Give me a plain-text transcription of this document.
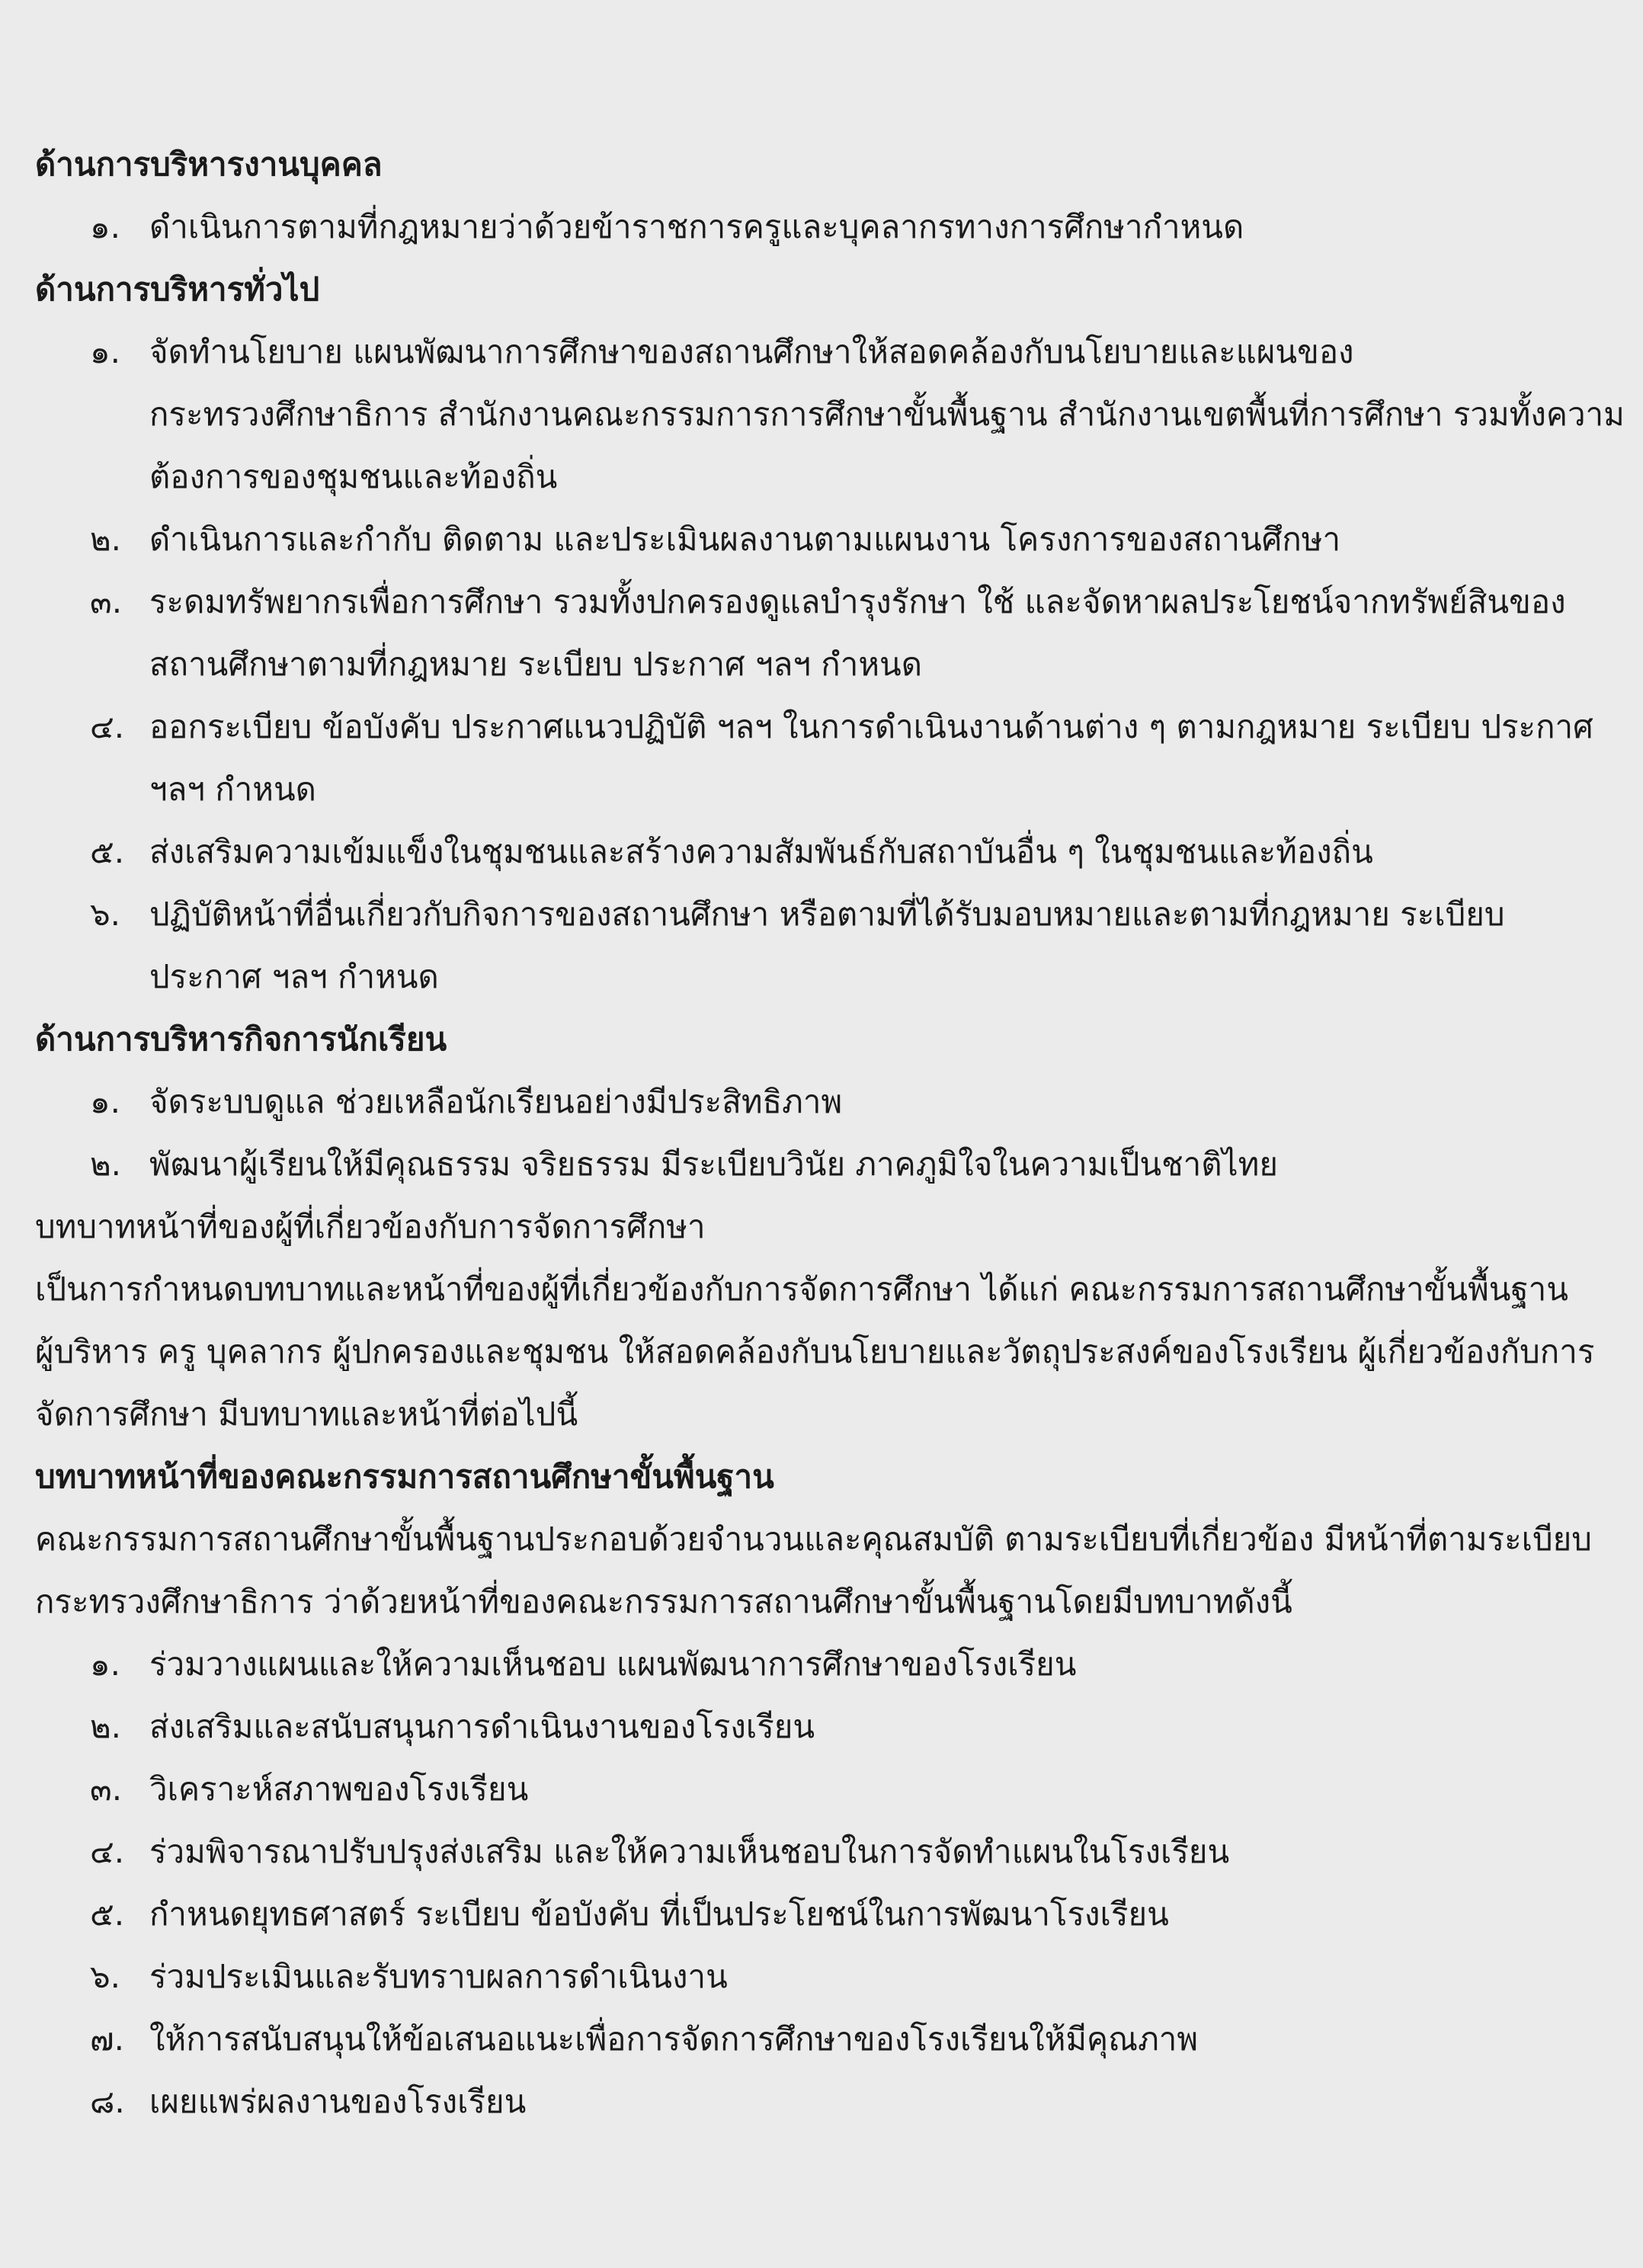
ด้านการบริหารงานบุคคล
๑. ดำเนินการตามที่กฎหมายว่าด้วยข้าราชการครูและบุคลากรทางการศึกษากำหนด
ด้านการบริหารทั่วไป
๑. จัดทำนโยบาย แผนพัฒนาการศึกษาของสถานศึกษาให้สอดคล้องกับนโยบายและแผนของ
กระทรวงศึกษาธิการ สำนักงานคณะกรรมการการศึกษาขั้นพื้นฐาน สำนักงานเขตพื้นที่การศึกษา รวมทั้งความ
ต้องการของชุมชนและท้องถิ่น
๒. ดำเนินการและกำกับ ติดตาม และประเมินผลงานตามแผนงาน โครงการของสถานศึกษา
๓. ระดมทรัพยากรเพื่อการศึกษา รวมทั้งปกครองดูแลบำรุงรักษา ใช้ และจัดหาผลประโยชน์จากทรัพย์สินของ
สถานศึกษาตามที่กฎหมาย ระเบียบ ประกาศ ฯลฯ กำหนด
๔. ออกระเบียบ ข้อบังคับ ประกาศแนวปฏิบัติ ฯลฯ ในการดำเนินงานด้านต่าง ๆ ตามกฎหมาย ระเบียบ ประกาศ
ฯลฯ กำหนด
๕. ส่งเสริมความเข้มแข็งในชุมชนและสร้างความสัมพันธ์กับสถาบันอื่น ๆ ในชุมชนและท้องถิ่น
๖. ปฏิบัติหน้าที่อื่นเกี่ยวกับกิจการของสถานศึกษา หรือตามที่ได้รับมอบหมายและตามที่กฎหมาย ระเบียบ
ประกาศ ฯลฯ กำหนด
ด้านการบริหารกิจการนักเรียน
๑. จัดระบบดูแล ช่วยเหลือนักเรียนอย่างมีประสิทธิภาพ
๒. พัฒนาผู้เรียนให้มีคุณธรรม จริยธรรม มีระเบียบวินัย ภาคภูมิใจในความเป็นชาติไทย
บทบาทหน้าที่ของผู้ที่เกี่ยวข้องกับการจัดการศึกษา
เป็นการกำหนดบทบาทและหน้าที่ของผู้ที่เกี่ยวข้องกับการจัดการศึกษา ได้แก่ คณะกรรมการสถานศึกษาขั้นพื้นฐาน
ผู้บริหาร ครู บุคลากร ผู้ปกครองและชุมชน ให้สอดคล้องกับนโยบายและวัตถุประสงค์ของโรงเรียน ผู้เกี่ยวข้องกับการ
จัดการศึกษา มีบทบาทและหน้าที่ต่อไปนี้
บทบาทหน้าที่ของคณะกรรมการสถานศึกษาขั้นพื้นฐาน
คณะกรรมการสถานศึกษาขั้นพื้นฐานประกอบด้วยจำนวนและคุณสมบัติ ตามระเบียบที่เกี่ยวข้อง มีหน้าที่ตามระเบียบ
กระทรวงศึกษาธิการ ว่าด้วยหน้าที่ของคณะกรรมการสถานศึกษาขั้นพื้นฐานโดยมีบทบาทดังนี้
๑. ร่วมวางแผนและให้ความเห็นชอบ แผนพัฒนาการศึกษาของโรงเรียน
๒. ส่งเสริมและสนับสนุนการดำเนินงานของโรงเรียน
๓. วิเคราะห์สภาพของโรงเรียน
๔. ร่วมพิจารณาปรับปรุงส่งเสริม และให้ความเห็นชอบในการจัดทำแผนในโรงเรียน
๕. กำหนดยุทธศาสตร์ ระเบียบ ข้อบังคับ ที่เป็นประโยชน์ในการพัฒนาโรงเรียน
๖. ร่วมประเมินและรับทราบผลการดำเนินงาน
๗. ให้การสนับสนุนให้ข้อเสนอแนะเพื่อการจัดการศึกษาของโรงเรียนให้มีคุณภาพ
๘. เผยแพร่ผลงานของโรงเรียน
